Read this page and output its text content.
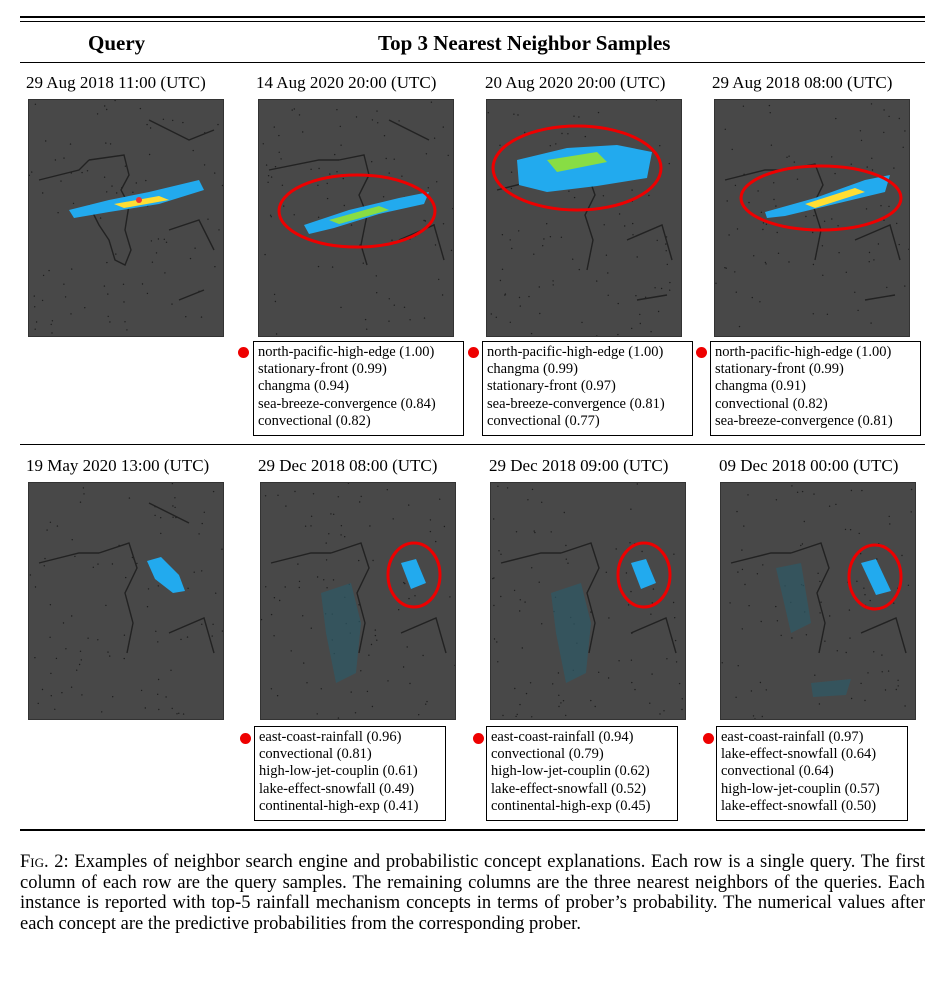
Query	Top 3 Nearest Neighbor Samples
29 Aug 2018 11:00 (UTC)	14 Aug 2020 20:00 (UTC)	20 Aug 2020 20:00 (UTC)	29 Aug 2018 08:00 (UTC)
north-pacific-high-edge (1.00)
stationary-front (0.99)
changma (0.94)
sea-breeze-convergence (0.84)
convectional (0.82)
north-pacific-high-edge (1.00)
changma (0.99)
stationary-front (0.97)
sea-breeze-convergence (0.81)
convectional (0.77)
north-pacific-high-edge (1.00)
stationary-front (0.99)
changma (0.91)
convectional (0.82)
sea-breeze-convergence (0.81)
19 May 2020 13:00 (UTC)	29 Dec 2018 08:00 (UTC)	29 Dec 2018 09:00 (UTC)	09 Dec 2018 00:00 (UTC)
east-coast-rainfall (0.96)
convectional (0.81)
high-low-jet-couplin (0.61)
lake-effect-snowfall (0.49)
continental-high-exp (0.41)
east-coast-rainfall (0.94)
convectional (0.79)
high-low-jet-couplin (0.62)
lake-effect-snowfall (0.52)
continental-high-exp (0.45)
east-coast-rainfall (0.97)
lake-effect-snowfall (0.64)
convectional (0.64)
high-low-jet-couplin (0.57)
lake-effect-snowfall (0.50)
Fig. 2: Examples of neighbor search engine and probabilistic concept explanations. Each row is a single query. The first column of each row are the query samples. The remaining columns are the three nearest neighbors of the queries. Each instance is reported with top-5 rainfall mechanism concepts in terms of prober’s probability. The numerical values after each concept are the predictive probabilities from the corresponding prober.
